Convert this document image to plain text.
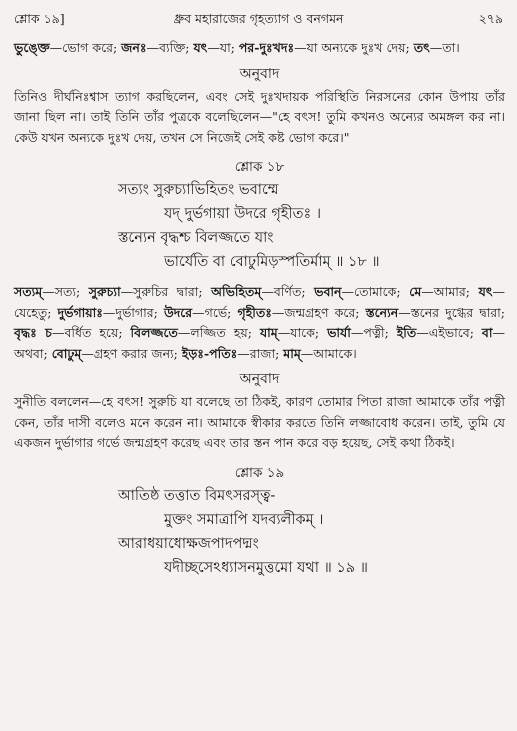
শ্লোক ১৯]	ধ্রুব মহারাজের গৃহত্যাগ ও বনগমন	২৭৯

ভুঙ্ক্তে—ভোগ করে; জনঃ—ব্যক্তি; যৎ—যা; পর-দুঃখদঃ—যা অন্যকে দুঃখ দেয়; তৎ—তা।

অনুবাদ

তিনিও দীর্ঘনিঃশ্বাস ত্যাগ করছিলেন, এবং সেই দুঃখদায়ক পরিস্থিতি নিরসনের কোন উপায় তাঁর জানা ছিল না। তাই তিনি তাঁর পুত্রকে বলেছিলেন—"হে বৎস! তুমি কখনও অন্যের অমঙ্গল কর না। কেউ যখন অন্যকে দুঃখ দেয়, তখন সে নিজেই সেই কষ্ট ভোগ করে।"

শ্লোক ১৮

সত্যং সুরুচ্যাভিহিতং ভবাম্মে

যদ্ দুর্ভগায়া উদরে গৃহীতঃ ।

স্তন্যেন বৃদ্ধশ্চ বিলজ্জতে যাং

ভার্যেতি বা বোঢুমিড়স্পতির্মাম্ ॥ ১৮ ॥

সত্যম্—সত্য; সুরুচ্যা—সুরুচির দ্বারা; অভিহিতম্—বর্ণিত; ভবান্—তোমাকে; মে—আমার; যৎ—যেহেতু; দুর্ভগায়াঃ—দুর্ভাগার; উদরে—গর্ভে; গৃহীতঃ—জন্মগ্রহণ করে; স্তন্যেন—স্তনের দুগ্ধের দ্বারা; বৃদ্ধঃ চ—বর্ধিত হয়ে; বিলজ্জতে—লজ্জিত হয়; যাম্—যাকে; ভার্যা—পত্নী; ইতি—এইভাবে; বা—অথবা; বোঢুম্—গ্রহণ করার জন্য; ইড়ঃ-পতিঃ—রাজা; মাম্—আমাকে।

অনুবাদ

সুনীতি বললেন—হে বৎস! সুরুচি যা বলেছে তা ঠিকই, কারণ তোমার পিতা রাজা আমাকে তাঁর পত্নী কেন, তাঁর দাসী বলেও মনে করেন না। আমাকে স্বীকার করতে তিনি লজ্জাবোধ করেন। তাই, তুমি যে একজন দুর্ভাগার গর্ভে জন্মগ্রহণ করেছ এবং তার স্তন পান করে বড় হয়েছ, সেই কথা ঠিকই।

শ্লোক ১৯

আতিষ্ঠ তত্তাত বিমৎসরস্ত্ব-

মুক্তং সমাত্রাপি যদব্যলীকম্ ।

আরাধয়াধোক্ষজপাদপদ্মং

যদীচ্ছসেঽধ্যাসনমুত্তমো যথা ॥ ১৯ ॥
